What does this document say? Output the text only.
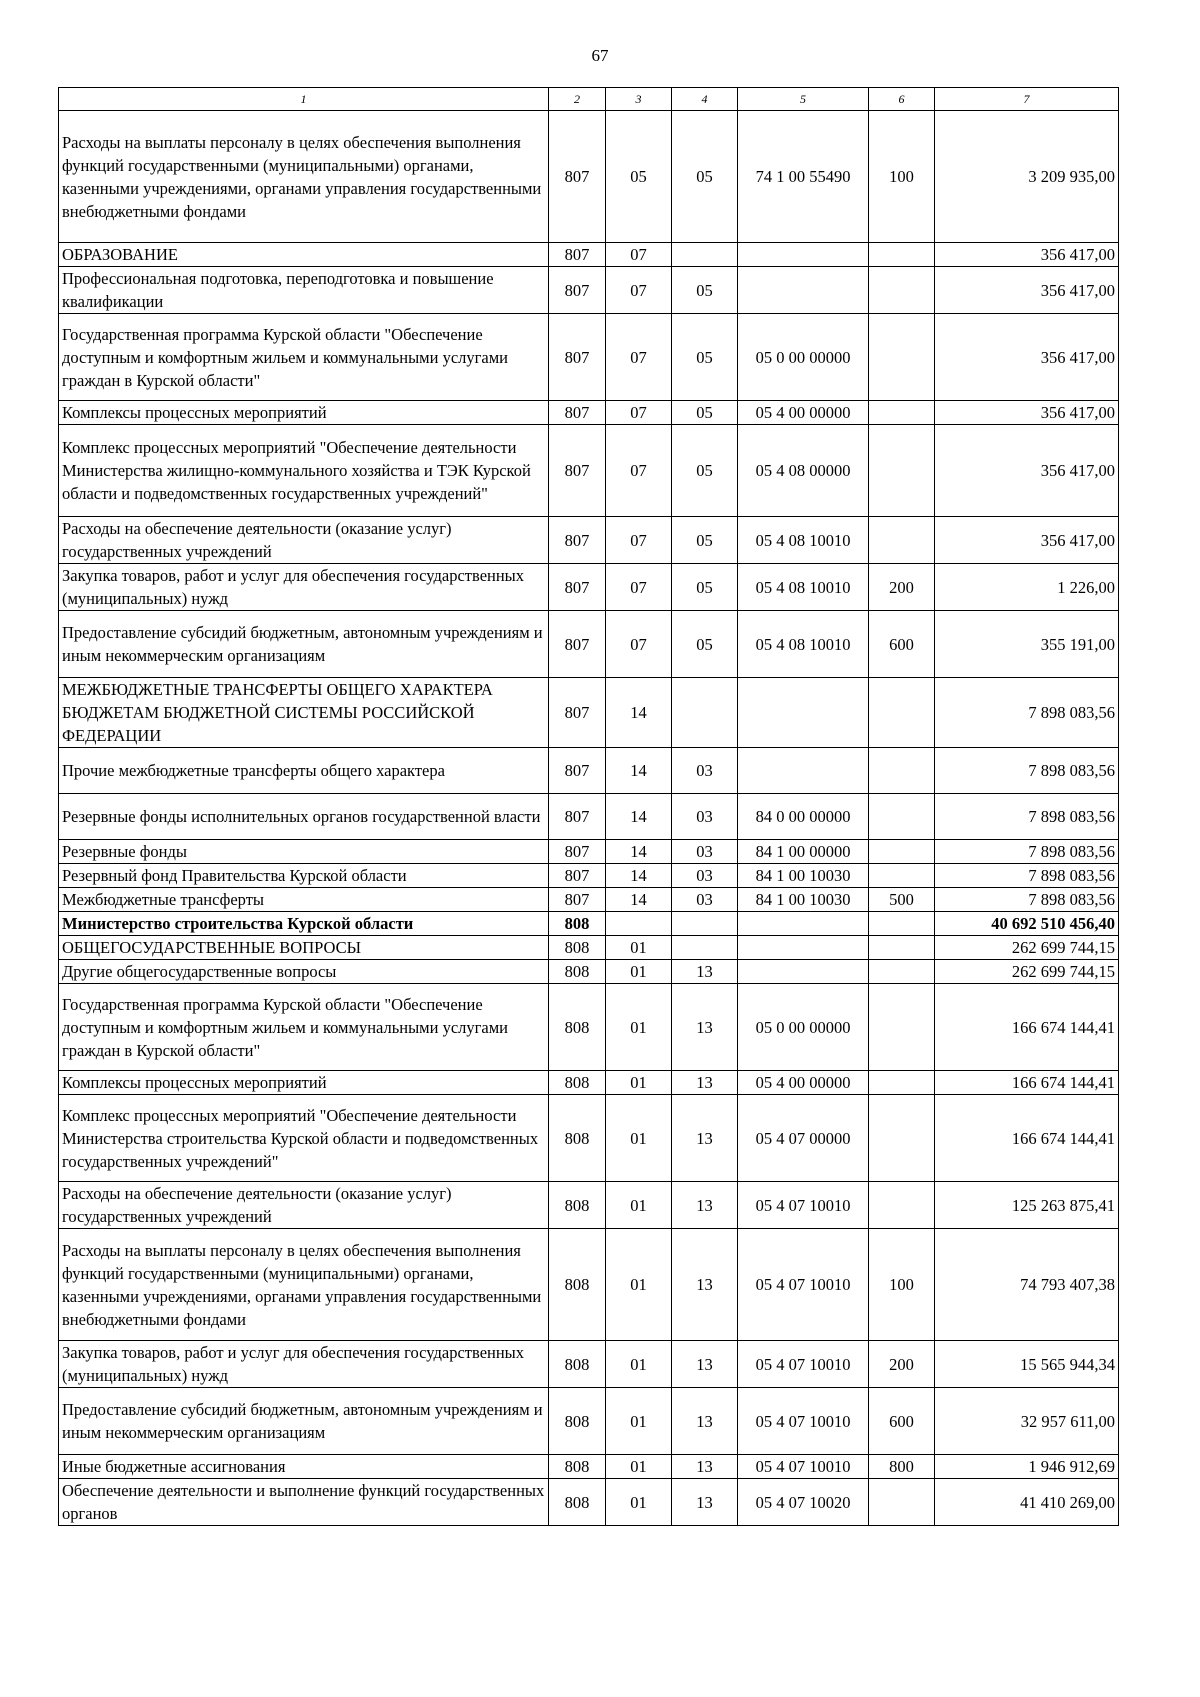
67
1	2	3	4	5	6	7
Расходы на выплаты персоналу в целях обеспечения выполнения функций государственными (муниципальными) органами, казенными учреждениями, органами управления государственными внебюджетными фондами	807	05	05	74 1 00 55490	100	3 209 935,00
ОБРАЗОВАНИЕ	807	07				356 417,00
Профессиональная подготовка, переподготовка и повышение квалификации	807	07	05			356 417,00
Государственная программа Курской области "Обеспечение доступным и комфортным жильем и коммунальными услугами граждан в Курской области"	807	07	05	05 0 00 00000		356 417,00
Комплексы процессных мероприятий	807	07	05	05 4 00 00000		356 417,00
Комплекс процессных мероприятий "Обеспечение деятельности Министерства жилищно-коммунального хозяйства и ТЭК Курской области и подведомственных государственных учреждений"	807	07	05	05 4 08 00000		356 417,00
Расходы на обеспечение деятельности (оказание услуг) государственных учреждений	807	07	05	05 4 08 10010		356 417,00
Закупка товаров, работ и услуг для обеспечения государственных (муниципальных) нужд	807	07	05	05 4 08 10010	200	1 226,00
Предоставление субсидий бюджетным, автономным учреждениям и иным некоммерческим организациям	807	07	05	05 4 08 10010	600	355 191,00
МЕЖБЮДЖЕТНЫЕ ТРАНСФЕРТЫ ОБЩЕГО ХАРАКТЕРА БЮДЖЕТАМ БЮДЖЕТНОЙ СИСТЕМЫ РОССИЙСКОЙ ФЕДЕРАЦИИ	807	14				7 898 083,56
Прочие межбюджетные трансферты общего характера	807	14	03			7 898 083,56
Резервные фонды исполнительных органов государственной власти	807	14	03	84 0 00 00000		7 898 083,56
Резервные фонды	807	14	03	84 1 00 00000		7 898 083,56
Резервный фонд Правительства Курской области	807	14	03	84 1 00 10030		7 898 083,56
Межбюджетные трансферты	807	14	03	84 1 00 10030	500	7 898 083,56
Министерство строительства Курской области	808					40 692 510 456,40
ОБЩЕГОСУДАРСТВЕННЫЕ ВОПРОСЫ	808	01				262 699 744,15
Другие общегосударственные вопросы	808	01	13			262 699 744,15
Государственная программа Курской области "Обеспечение доступным и комфортным жильем и коммунальными услугами граждан в Курской области"	808	01	13	05 0 00 00000		166 674 144,41
Комплексы процессных мероприятий	808	01	13	05 4 00 00000		166 674 144,41
Комплекс процессных мероприятий "Обеспечение деятельности Министерства строительства Курской области и подведомственных государственных учреждений"	808	01	13	05 4 07 00000		166 674 144,41
Расходы на обеспечение деятельности (оказание услуг) государственных учреждений	808	01	13	05 4 07 10010		125 263 875,41
Расходы на выплаты персоналу в целях обеспечения выполнения функций государственными (муниципальными) органами, казенными учреждениями, органами управления государственными внебюджетными фондами	808	01	13	05 4 07 10010	100	74 793 407,38
Закупка товаров, работ и услуг для обеспечения государственных (муниципальных) нужд	808	01	13	05 4 07 10010	200	15 565 944,34
Предоставление субсидий бюджетным, автономным учреждениям и иным некоммерческим организациям	808	01	13	05 4 07 10010	600	32 957 611,00
Иные бюджетные ассигнования	808	01	13	05 4 07 10010	800	1 946 912,69
Обеспечение деятельности и выполнение функций государственных органов	808	01	13	05 4 07 10020		41 410 269,00
